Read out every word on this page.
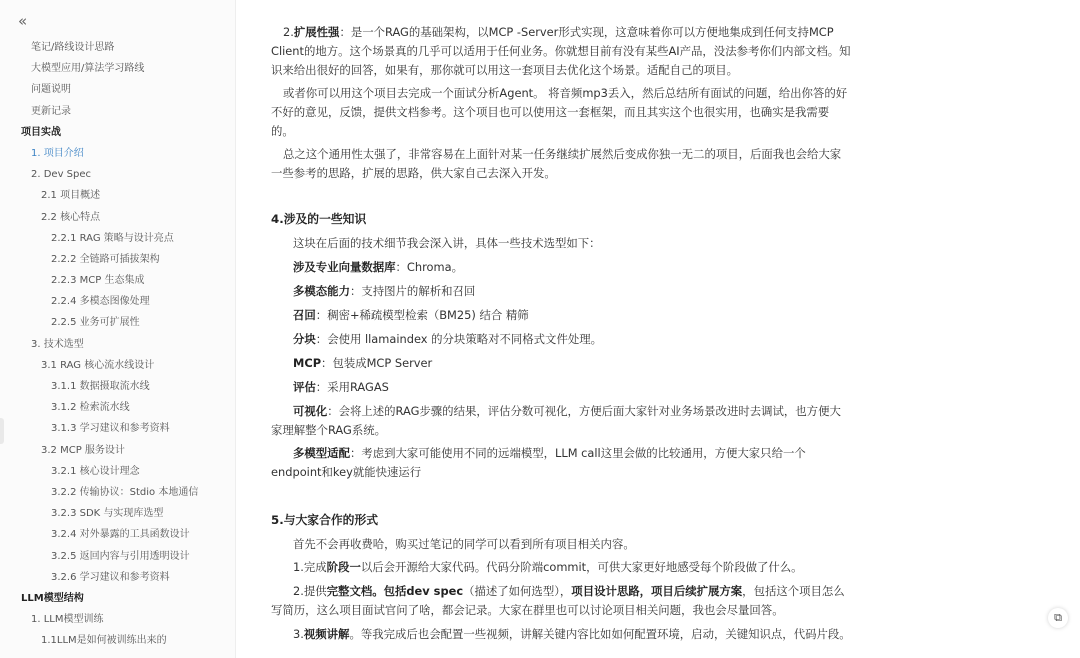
«
笔记/路线设计思路
大模型应用/算法学习路线
问题说明
更新记录
项目实战
1. 项目介绍
2. Dev Spec
2.1 项目概述
2.2 核心特点
2.2.1 RAG 策略与设计亮点
2.2.2 全链路可插拔架构
2.2.3 MCP 生态集成
2.2.4 多模态图像处理
2.2.5 业务可扩展性
3. 技术选型
3.1 RAG 核心流水线设计
3.1.1 数据摄取流水线
3.1.2 检索流水线
3.1.3 学习建议和参考资料
3.2 MCP 服务设计
3.2.1 核心设计理念
3.2.2 传输协议：Stdio 本地通信
3.2.3 SDK 与实现库选型
3.2.4 对外暴露的工具函数设计
3.2.5 返回内容与引用透明设计
3.2.6 学习建议和参考资料
LLM模型结构
1. LLM模型训练
1.1LLM是如何被训练出来的
2.扩展性强：是一个RAG的基础架构，以MCP -Server形式实现，这意味着你可以方便地集成到任何支持MCP Client的地方。这个场景真的几乎可以适用于任何业务。你就想目前有没有某些AI产品，没法参考你们内部文档。知识来给出很好的回答，如果有，那你就可以用这一套项目去优化这个场景。适配自己的项目。
或者你可以用这个项目去完成一个面试分析Agent。 将音频mp3丢入，然后总结所有面试的问题，给出你答的好不好的意见，反馈，提供文档参考。这个项目也可以使用这一套框架，而且其实这个也很实用，也确实是我需要的。
总之这个通用性太强了，非常容易在上面针对某一任务继续扩展然后变成你独一无二的项目，后面我也会给大家一些参考的思路，扩展的思路，供大家自己去深入开发。
4.涉及的一些知识
这块在后面的技术细节我会深入讲，具体一些技术选型如下：
涉及专业向量数据库：Chroma。
多模态能力：支持图片的解析和召回
召回：稠密+稀疏模型检索（BM25) 结合 精筛
分块：会使用 llamaindex 的分块策略对不同格式文件处理。
MCP：包装成MCP Server
评估：采用RAGAS
可视化：会将上述的RAG步骤的结果，评估分数可视化，方便后面大家针对业务场景改进时去调试，也方便大家理解整个RAG系统。
多模型适配：考虑到大家可能使用不同的远端模型，LLM call这里会做的比较通用，方便大家只给一个endpoint和key就能快速运行
5.与大家合作的形式
首先不会再收费哈，购买过笔记的同学可以看到所有项目相关内容。
1.完成阶段一以后会开源给大家代码。代码分阶端commit，可供大家更好地感受每个阶段做了什么。
2.提供完整文档。包括dev spec（描述了如何选型），项目设计思路，项目后续扩展方案，包括这个项目怎么写简历，这么项目面试官问了啥，都会记录。大家在群里也可以讨论项目相关问题，我也会尽量回答。
3.视频讲解。等我完成后也会配置一些视频，讲解关键内容比如如何配置环境，启动，关键知识点，代码片段。
⧉
